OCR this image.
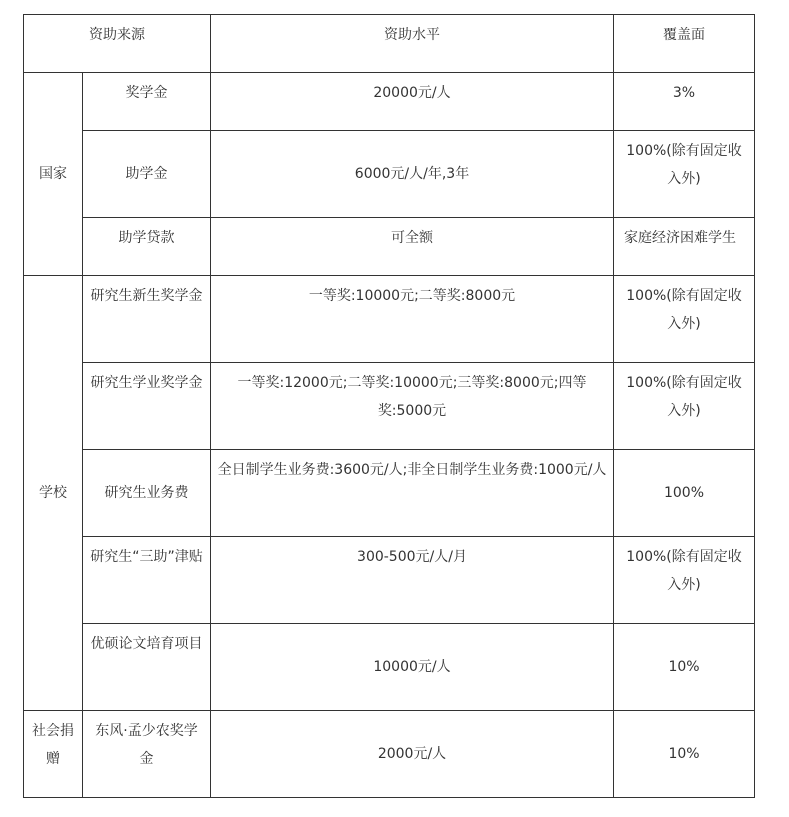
资助来源		资助水平	覆盖面
国家	奖学金	20000元/人	3%
	助学金	6000元/人/年,3年	100%(除有固定收入外)
	助学贷款	可全额	家庭经济困难学生
学校	研究生新生奖学金	一等奖:10000元;二等奖:8000元	100%(除有固定收入外)
	研究生学业奖学金	一等奖:12000元;二等奖:10000元;三等奖:8000元;四等奖:5000元	100%(除有固定收入外)
	研究生业务费	全日制学生业务费:3600元/人;非全日制学生业务费:1000元/人	100%
	研究生“三助”津贴	300-500元/人/月	100%(除有固定收入外)
	优硕论文培育项目	10000元/人	10%
社会捐赠	东风·孟少农奖学金	2000元/人	10%
